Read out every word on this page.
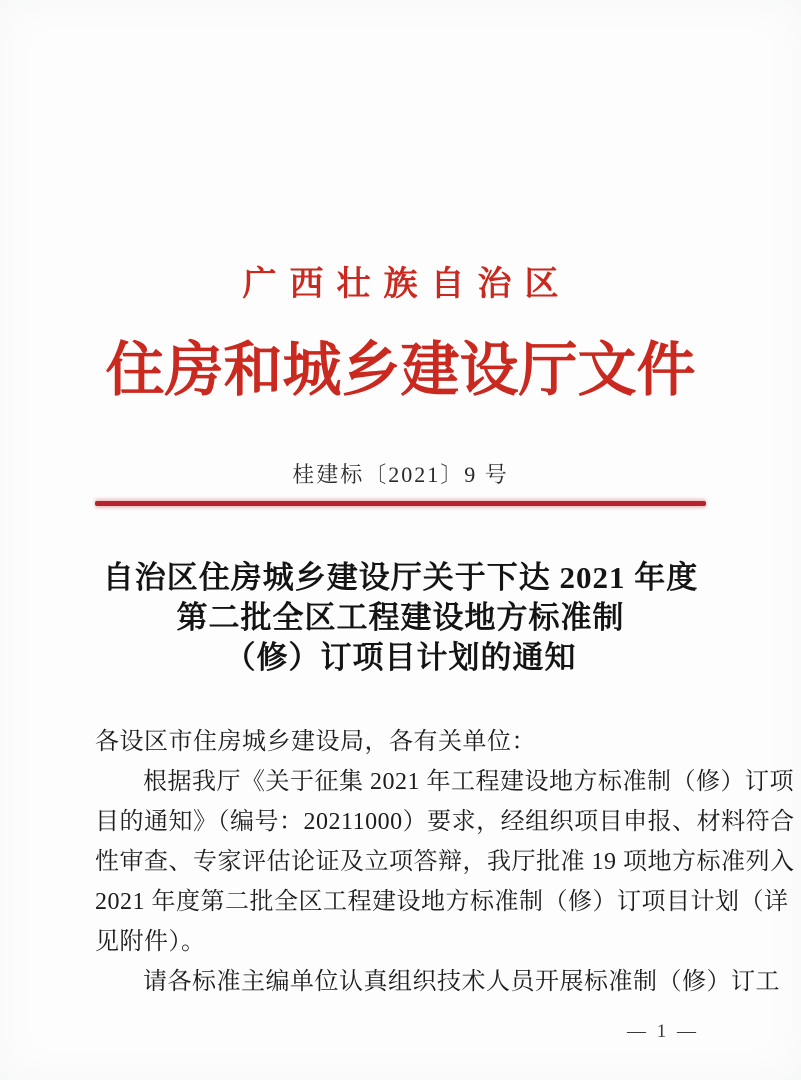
广西壮族自治区
住房和城乡建设厅文件
桂建标〔2021〕9 号
自治区住房城乡建设厅关于下达 2021 年度
第二批全区工程建设地方标准制
（修）订项目计划的通知
各设区市住房城乡建设局，各有关单位：
根据我厅《关于征集 2021 年工程建设地方标准制（修）订项
目的通知》（编号：20211000）要求，经组织项目申报、材料符合
性审查、专家评估论证及立项答辩，我厅批准 19 项地方标准列入
2021 年度第二批全区工程建设地方标准制（修）订项目计划（详
见附件）。
请各标准主编单位认真组织技术人员开展标准制（修）订工
— 1 —
